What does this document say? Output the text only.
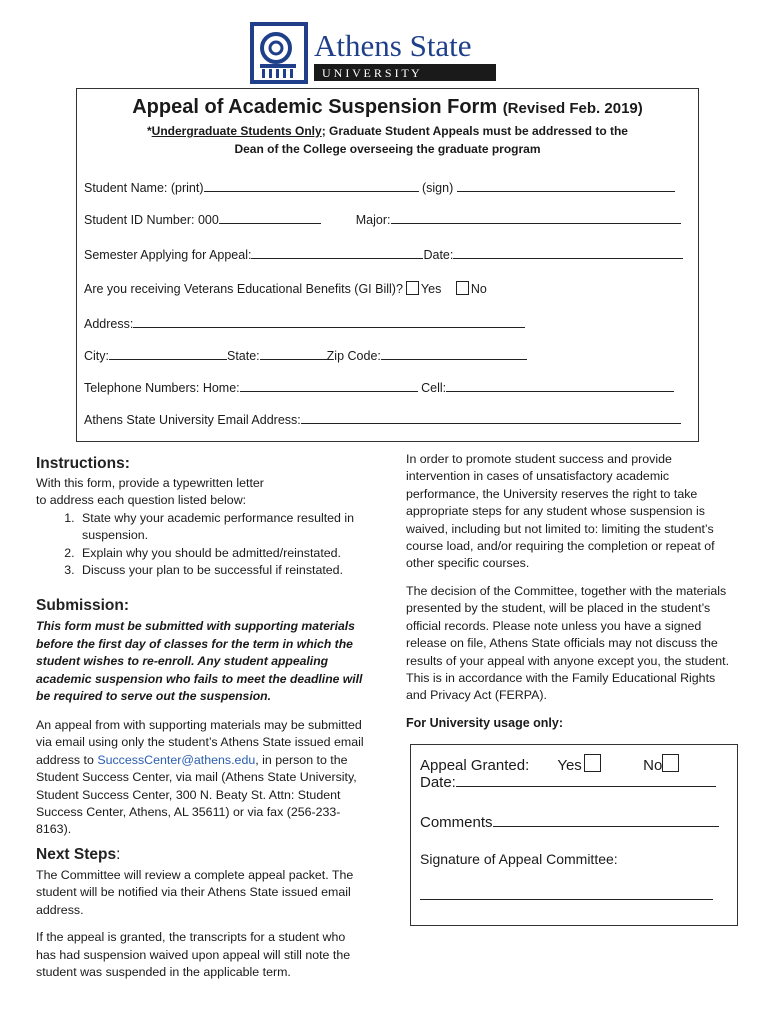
Athens State
U N I V E R S I T Y
Appeal of Academic Suspension Form (Revised Feb. 2019)
*Undergraduate Students Only; Graduate Student Appeals must be addressed to the
Dean of the College overseeing the graduate program
Student Name: (print)	(sign)
Student ID Number: 000	Major:
Semester Applying for Appeal:	Date:
Are you receiving Veterans Educational Benefits (GI Bill)? Yes No
Address:
City:	State:	Zip Code:
Telephone Numbers: Home:	Cell:
Athens State University Email Address:
Instructions:
With this form, provide a typewritten letter
to address each question listed below:
1. State why your academic performance resulted in suspension.
2. Explain why you should be admitted/reinstated.
3. Discuss your plan to be successful if reinstated.
Submission:
This form must be submitted with supporting materials before the first day of classes for the term in which the student wishes to re-enroll. Any student appealing academic suspension who fails to meet the deadline will be required to serve out the suspension.
An appeal from with supporting materials may be submitted via email using only the student’s Athens State issued email address to SuccessCenter@athens.edu, in person to the Student Success Center, via mail (Athens State University, Student Success Center, 300 N. Beaty St. Attn: Student Success Center, Athens, AL 35611) or via fax (256-233-8163).
Next Steps:
The Committee will review a complete appeal packet. The student will be notified via their Athens State issued email address.
If the appeal is granted, the transcripts for a student who has had suspension waived upon appeal will still note the student was suspended in the applicable term.
In order to promote student success and provide intervention in cases of unsatisfactory academic performance, the University reserves the right to take appropriate steps for any student whose suspension is waived, including but not limited to: limiting the student’s course load, and/or requiring the completion or repeat of other specific courses.
The decision of the Committee, together with the materials presented by the student, will be placed in the student’s official records. Please note unless you have a signed release on file, Athens State officials may not discuss the results of your appeal with anyone except you, the student. This is in accordance with the Family Educational Rights and Privacy Act (FERPA).
For University usage only:
Appeal Granted: Yes	No
Date:
Comments
Signature of Appeal Committee:
